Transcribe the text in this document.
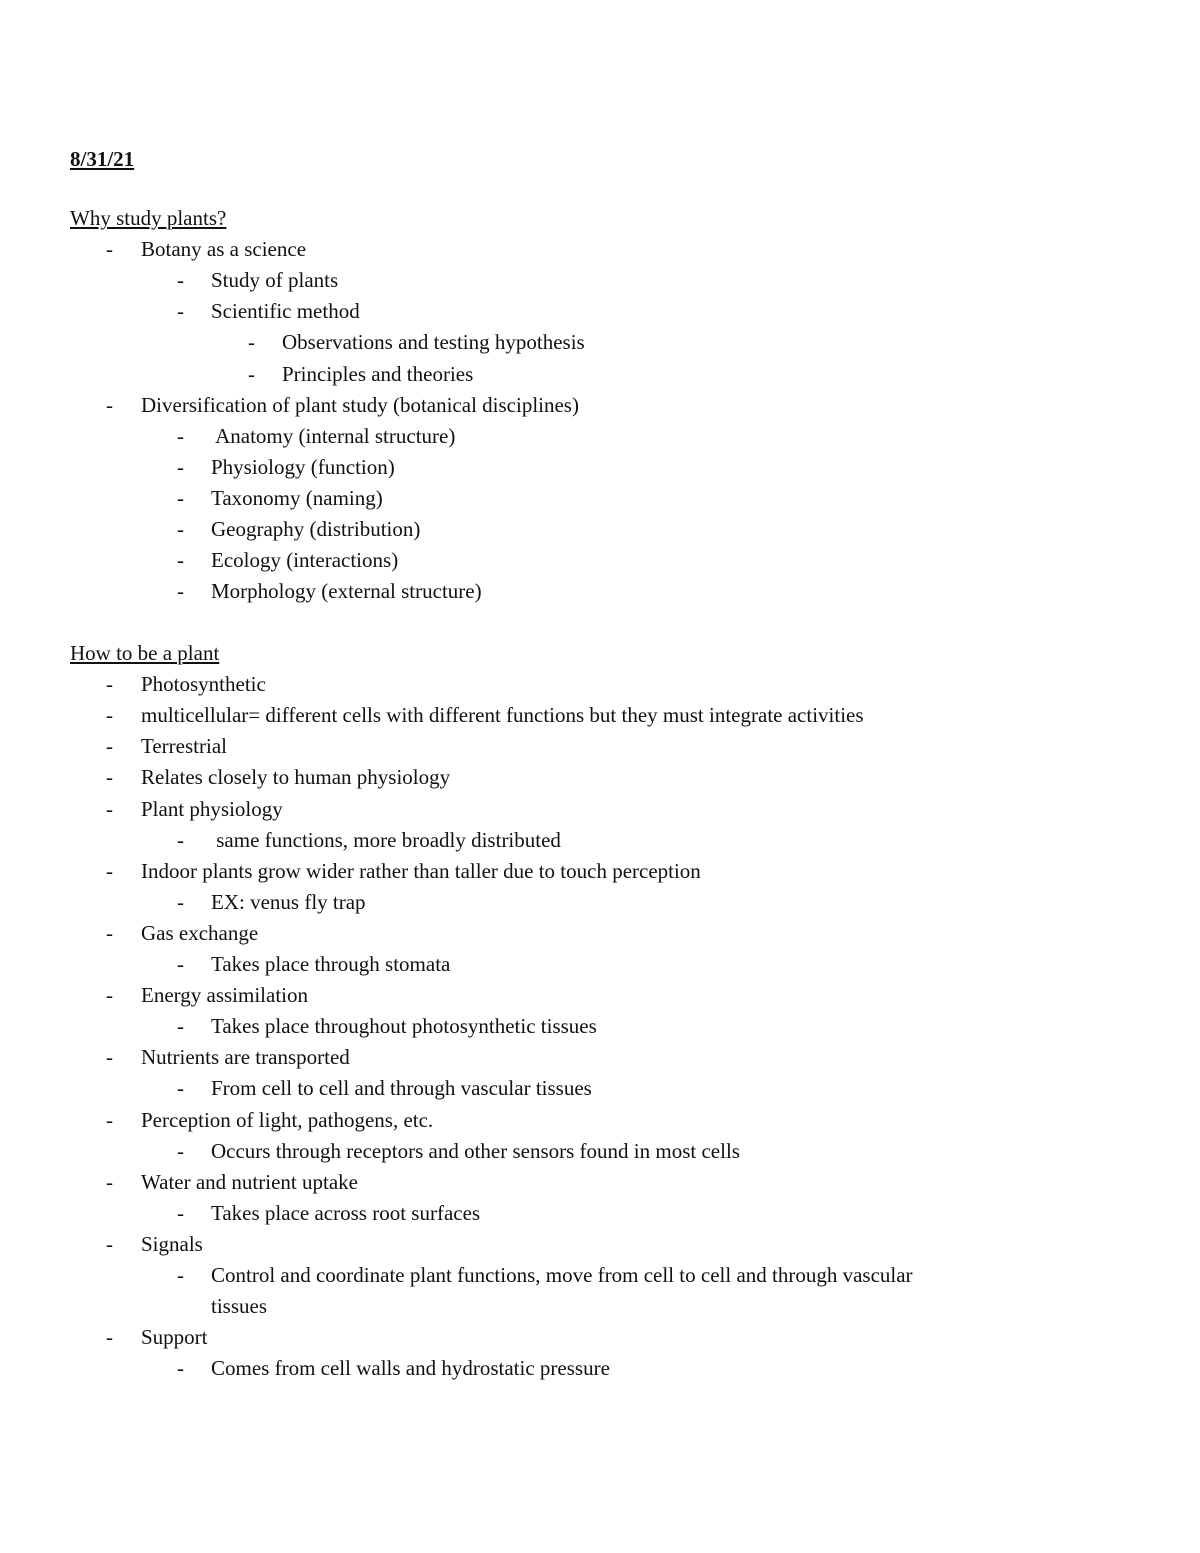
8/31/21
Why study plants?
- Botany as a science
- Study of plants
- Scientific method
- Observations and testing hypothesis
- Principles and theories
- Diversification of plant study (botanical disciplines)
- Anatomy (internal structure)
- Physiology (function)
- Taxonomy (naming)
- Geography (distribution)
- Ecology (interactions)
- Morphology (external structure)
How to be a plant
- Photosynthetic
- multicellular= different cells with different functions but they must integrate activities
- Terrestrial
- Relates closely to human physiology
- Plant physiology
- same functions, more broadly distributed
- Indoor plants grow wider rather than taller due to touch perception
- EX: venus fly trap
- Gas exchange
- Takes place through stomata
- Energy assimilation
- Takes place throughout photosynthetic tissues
- Nutrients are transported
- From cell to cell and through vascular tissues
- Perception of light, pathogens, etc.
- Occurs through receptors and other sensors found in most cells
- Water and nutrient uptake
- Takes place across root surfaces
- Signals
- Control and coordinate plant functions, move from cell to cell and through vascular
tissues
- Support
- Comes from cell walls and hydrostatic pressure
